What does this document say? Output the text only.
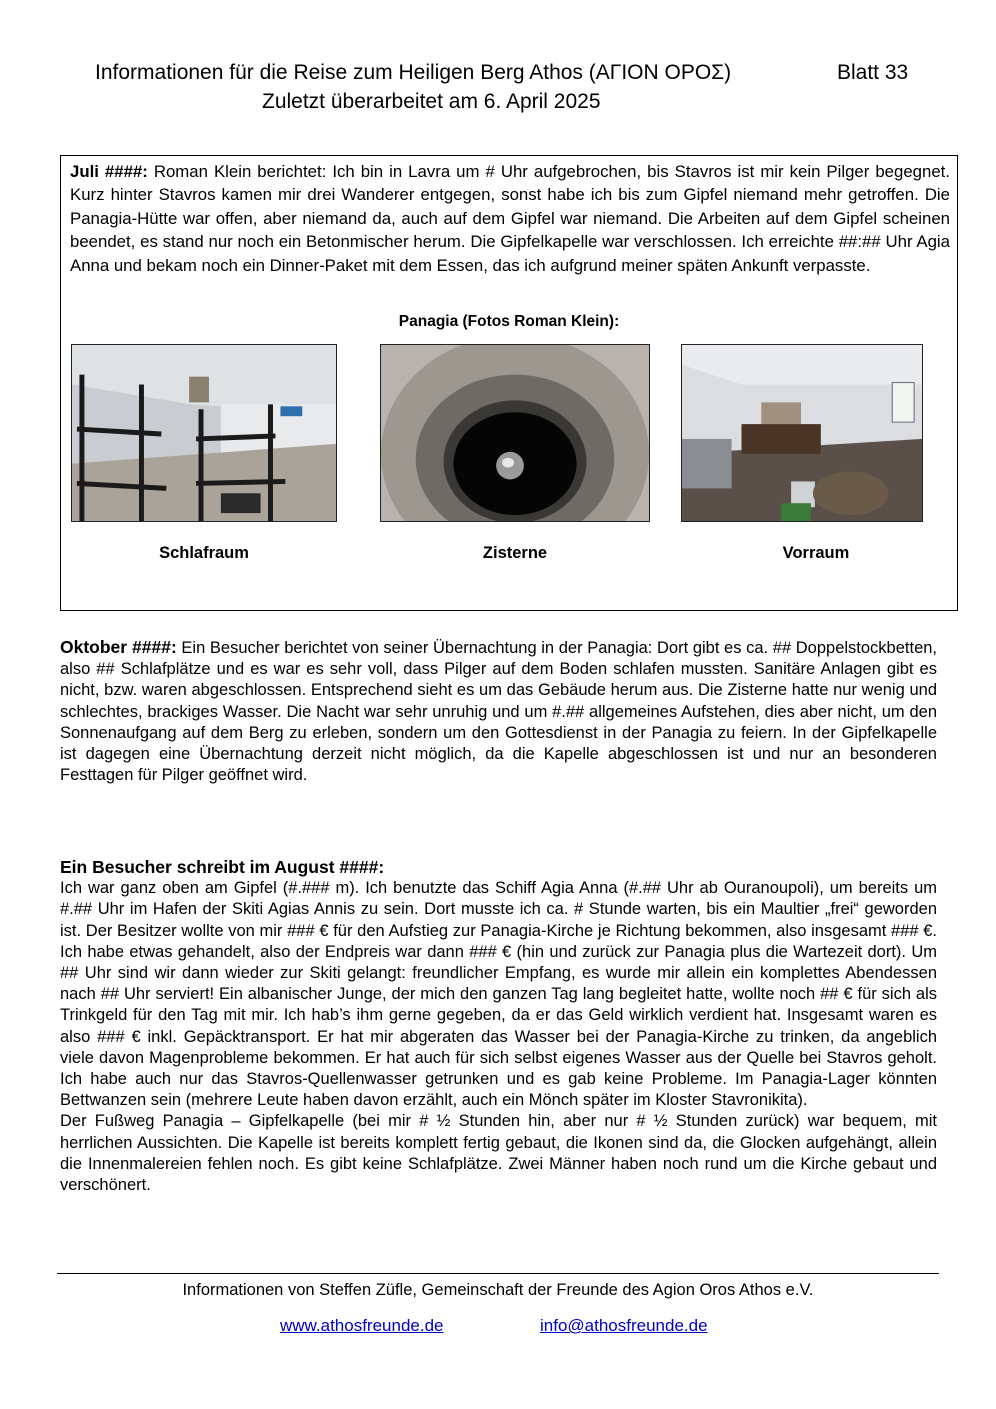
Informationen für die Reise zum Heiligen Berg Athos (ΑΓΙΟΝ ΟΡΟΣ)	Blatt 33
Zuletzt überarbeitet am 6. April 2025
Juli ####: Roman Klein berichtet: Ich bin in Lavra um # Uhr aufgebrochen, bis Stavros ist mir kein Pilger begegnet. Kurz hinter Stavros kamen mir drei Wanderer entgegen, sonst habe ich bis zum Gipfel niemand mehr getroffen. Die Panagia-Hütte war offen, aber niemand da, auch auf dem Gipfel war niemand. Die Arbeiten auf dem Gipfel scheinen beendet, es stand nur noch ein Betonmischer herum. Die Gipfelkapelle war verschlossen. Ich erreichte ##:## Uhr Agia Anna und bekam noch ein Dinner-Paket mit dem Essen, das ich aufgrund meiner späten Ankunft verpasste.
Panagia (Fotos Roman Klein):
Schlafraum	Zisterne	Vorraum
Oktober ####: Ein Besucher berichtet von seiner Übernachtung in der Panagia: Dort gibt es ca. ## Doppelstockbetten, also ## Schlafplätze und es war es sehr voll, dass Pilger auf dem Boden schlafen mussten. Sanitäre Anlagen gibt es nicht, bzw. waren abgeschlossen. Entsprechend sieht es um das Gebäude herum aus. Die Zisterne hatte nur wenig und schlechtes, brackiges Wasser. Die Nacht war sehr unruhig und um #.## allgemeines Aufstehen, dies aber nicht, um den Sonnenaufgang auf dem Berg zu erleben, sondern um den Gottesdienst in der Panagia zu feiern. In der Gipfelkapelle ist dagegen eine Übernachtung derzeit nicht möglich, da die Kapelle abgeschlossen ist und nur an besonderen Festtagen für Pilger geöffnet wird.
Ein Besucher schreibt im August ####:
Ich war ganz oben am Gipfel (#.### m). Ich benutzte das Schiff Agia Anna (#.## Uhr ab Ouranoupoli), um bereits um #.## Uhr im Hafen der Skiti Agias Annis zu sein. Dort musste ich ca. # Stunde warten, bis ein Maultier „frei“ geworden ist. Der Besitzer wollte von mir ### € für den Aufstieg zur Panagia-Kirche je Richtung bekommen, also insgesamt ### €. Ich habe etwas gehandelt, also der Endpreis war dann ### € (hin und zurück zur Panagia plus die Wartezeit dort). Um ## Uhr sind wir dann wieder zur Skiti gelangt: freundlicher Empfang, es wurde mir allein ein komplettes Abendessen nach ## Uhr serviert! Ein albanischer Junge, der mich den ganzen Tag lang begleitet hatte, wollte noch ## € für sich als Trinkgeld für den Tag mit mir. Ich hab’s ihm gerne gegeben, da er das Geld wirklich verdient hat. Insgesamt waren es also ### € inkl. Gepäcktransport. Er hat mir abgeraten das Wasser bei der Panagia-Kirche zu trinken, da angeblich viele davon Magenprobleme bekommen. Er hat auch für sich selbst eigenes Wasser aus der Quelle bei Stavros geholt. Ich habe auch nur das Stavros-Quellenwasser getrunken und es gab keine Probleme. Im Panagia-Lager könnten Bettwanzen sein (mehrere Leute haben davon erzählt, auch ein Mönch später im Kloster Stavronikita).
Der Fußweg Panagia – Gipfelkapelle (bei mir # ½ Stunden hin, aber nur # ½ Stunden zurück) war bequem, mit herrlichen Aussichten. Die Kapelle ist bereits komplett fertig gebaut, die Ikonen sind da, die Glocken aufgehängt, allein die Innenmalereien fehlen noch. Es gibt keine Schlafplätze. Zwei Männer haben noch rund um die Kirche gebaut und verschönert.
Informationen von Steffen Züfle, Gemeinschaft der Freunde des Agion Oros Athos e.V.
www.athosfreunde.de	info@athosfreunde.de
